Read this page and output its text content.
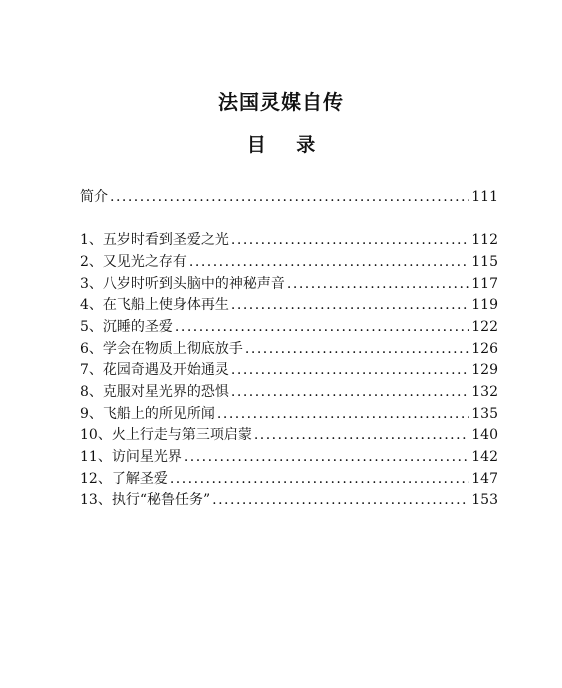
法国灵媒自传
目 录
简介 .....	111
1、五岁时看到圣爱之光 .....	112
2、又见光之存有 .....	115
3、八岁时听到头脑中的神秘声音 .....	117
4、在飞船上使身体再生 .....	119
5、沉睡的圣爱 .....	122
6、学会在物质上彻底放手 .....	126
7、花园奇遇及开始通灵 .....	129
8、克服对星光界的恐惧 .....	132
9、飞船上的所见所闻 .....	135
10、火上行走与第三项启蒙 .....	140
11、访问星光界 .....	142
12、了解圣爱 .....	147
13、执行“秘鲁任务” .....	153
